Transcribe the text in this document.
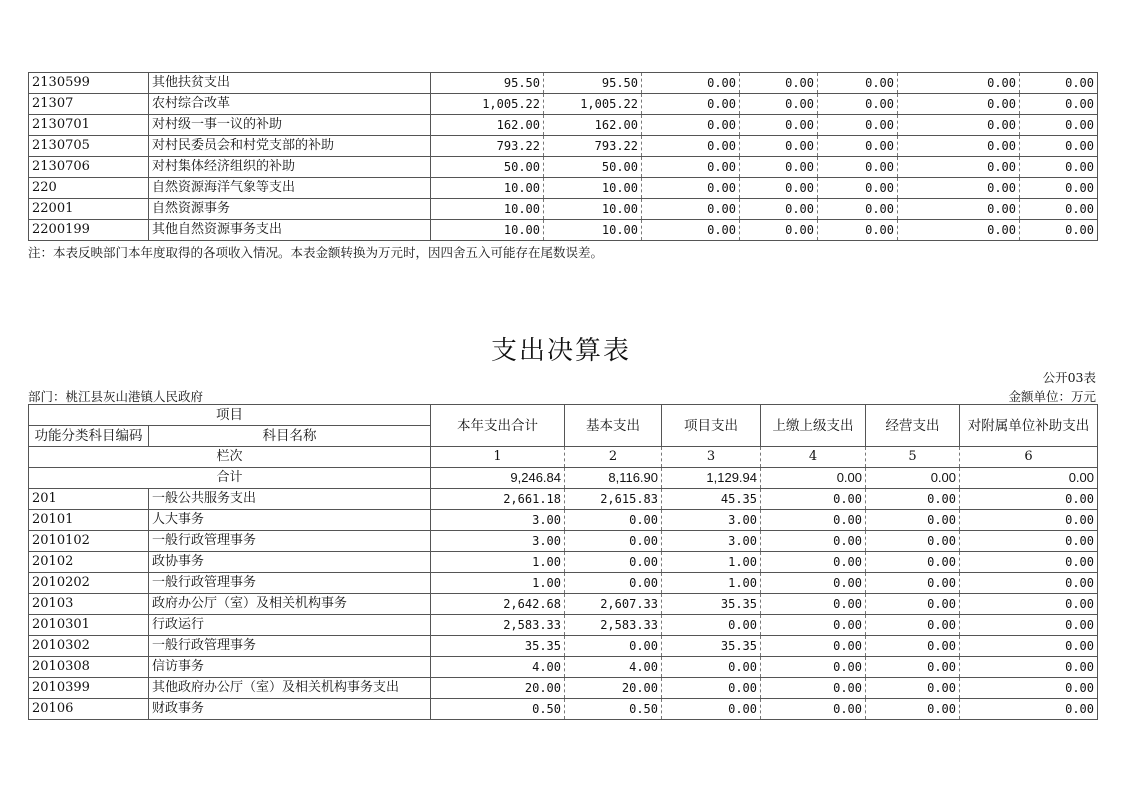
2130599	其他扶贫支出	95.50	95.50	0.00	0.00	0.00	0.00	0.00
21307	农村综合改革	1,005.22	1,005.22	0.00	0.00	0.00	0.00	0.00
2130701	对村级一事一议的补助	162.00	162.00	0.00	0.00	0.00	0.00	0.00
2130705	对村民委员会和村党支部的补助	793.22	793.22	0.00	0.00	0.00	0.00	0.00
2130706	对村集体经济组织的补助	50.00	50.00	0.00	0.00	0.00	0.00	0.00
220	自然资源海洋气象等支出	10.00	10.00	0.00	0.00	0.00	0.00	0.00
22001	自然资源事务	10.00	10.00	0.00	0.00	0.00	0.00	0.00
2200199	其他自然资源事务支出	10.00	10.00	0.00	0.00	0.00	0.00	0.00
注：本表反映部门本年度取得的各项收入情况。本表金额转换为万元时，因四舍五入可能存在尾数误差。
支出决算表
公开03表
部门：桃江县灰山港镇人民政府	金额单位：万元
项目		本年支出合计	基本支出	项目支出	上缴上级支出	经营支出	对附属单位补助支出
功能分类科目编码	科目名称						
栏次		1	2	3	4	5	6
合计		9,246.84	8,116.90	1,129.94	0.00	0.00	0.00
201	一般公共服务支出	2,661.18	2,615.83	45.35	0.00	0.00	0.00
20101	人大事务	3.00	0.00	3.00	0.00	0.00	0.00
2010102	一般行政管理事务	3.00	0.00	3.00	0.00	0.00	0.00
20102	政协事务	1.00	0.00	1.00	0.00	0.00	0.00
2010202	一般行政管理事务	1.00	0.00	1.00	0.00	0.00	0.00
20103	政府办公厅（室）及相关机构事务	2,642.68	2,607.33	35.35	0.00	0.00	0.00
2010301	行政运行	2,583.33	2,583.33	0.00	0.00	0.00	0.00
2010302	一般行政管理事务	35.35	0.00	35.35	0.00	0.00	0.00
2010308	信访事务	4.00	4.00	0.00	0.00	0.00	0.00
2010399	其他政府办公厅（室）及相关机构事务支出	20.00	20.00	0.00	0.00	0.00	0.00
20106	财政事务	0.50	0.50	0.00	0.00	0.00	0.00
